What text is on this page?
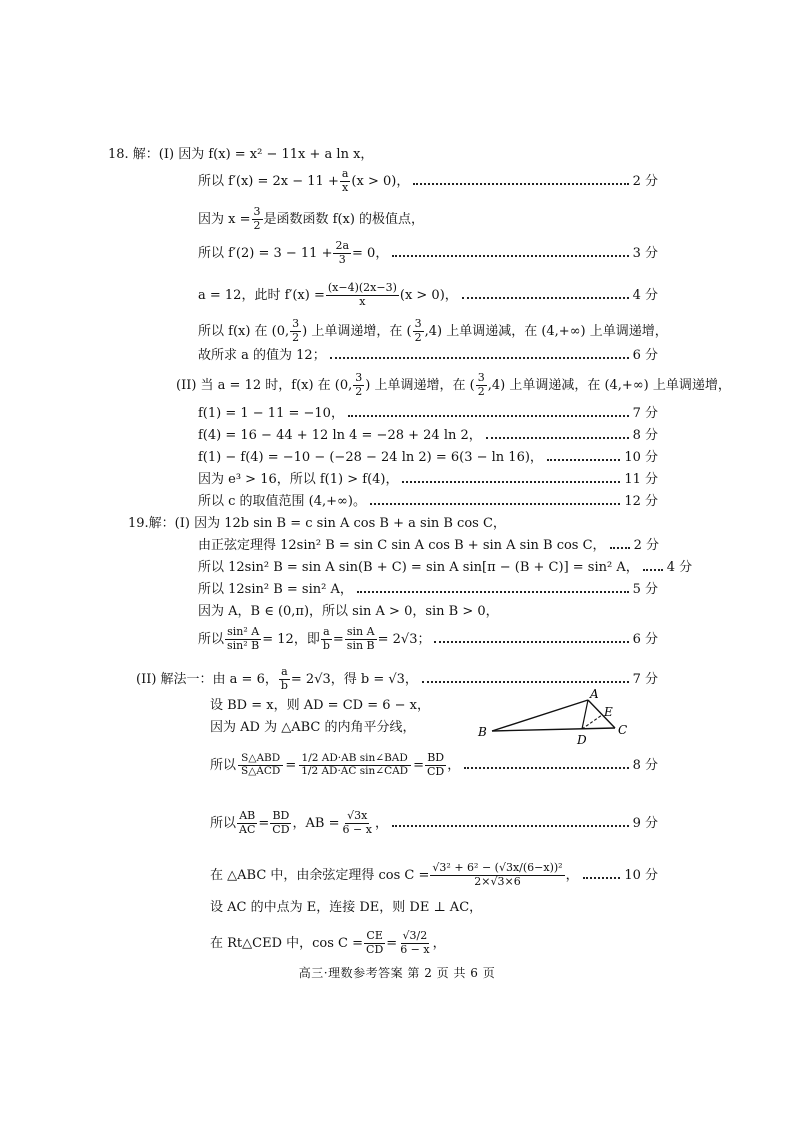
18. 解：(I) 因为 f(x) = x² − 11x + a ln x，
所以 $f'(x) = 2x - 11 + \frac{a}{x} (x > 0)$，	2 分
因为 $x = \frac{3}{2}$ 是函数函数 f(x) 的极值点，
所以 $f'(2) = 3 - 11 + \frac{2a}{3} = 0$，	3 分
a = 12，此时 $f'(x) = \frac{(x-4)(2x-3)}{x} (x > 0)$，	4 分
所以 f(x) 在 (0,
3
2 ) 上单调递增，在 (
3
2 ,4) 上单调递减，在 (4,+∞) 上单调递增，
故所求 a 的值为 12；	6 分
(II) 当 a = 12 时，f(x) 在 (0,
3
2 ) 上单调递增，在 (
3
2 ,4) 上单调递减，在 (4,+∞) 上单调递增，
f(1) = 1 − 11 = −10，	7 分
f(4) = 16 − 44 + 12 ln 4 = −28 + 24 ln 2，	8 分
f(1) − f(4) = −10 − (−28 − 24 ln 2) = 6(3 − ln 16)，	10 分
因为 e³ > 16，所以 f(1) > f(4)，	11 分
所以 c 的取值范围 (4,+∞)。	12 分
19.解：(I) 因为 12b sin B = c sin A cos B + a sin B cos C，
由正弦定理得 12sin² B = sin C sin A cos B + sin A sin B cos C， 2 分
所以 12sin² B = sin A sin(B + C) = sin A sin[π − (B + C)] = sin² A， 4 分
所以 12sin² B = sin² A，	5 分
因为 A，B ∈ (0,π)，所以 sin A > 0，sin B > 0，
所以 $\frac{\text{sin² A}}{\text{sin² B}} = 12$，即 $\frac{a}{b} = \frac{\text{sin A}}{\text{sin B}} = 2√3$；	6 分
(II) 解法一：由 a = 6， $\frac{a}{b} = 2√3$，得 b = √3，	7 分
设 BD = x，则 AD = CD = 6 − x，
因为 AD 为 △ABC 的内角平分线，	B
A
C
D
E
所以 $\frac{\text{S△ABD}}{\text{S△ACD}} = \frac{\text{1/2 AD·AB sin∠BAD}}{\text{1/2 AD·AC sin∠CAD}} = \frac{BD}{CD}$ ，	8 分
所以 $\frac{AB}{AC} = \frac{BD}{CD}$ ，AB = $\frac{√3x}{6 - x}$ ，	9 分
在 △ABC 中，由余弦定理得 $\cos C = \frac{\text{√3² + 6² − (√3x/(6−x))²}}{2\times√3\times 6}$ ，	10 分
设 AC 的中点为 E，连接 DE，则 DE ⊥ AC，
在 Rt△CED 中，$\cos C = \frac{CE}{CD} = \frac{√3/2}{6 - x}$ ，
高三·理数参考答案 第 2 页 共 6 页
